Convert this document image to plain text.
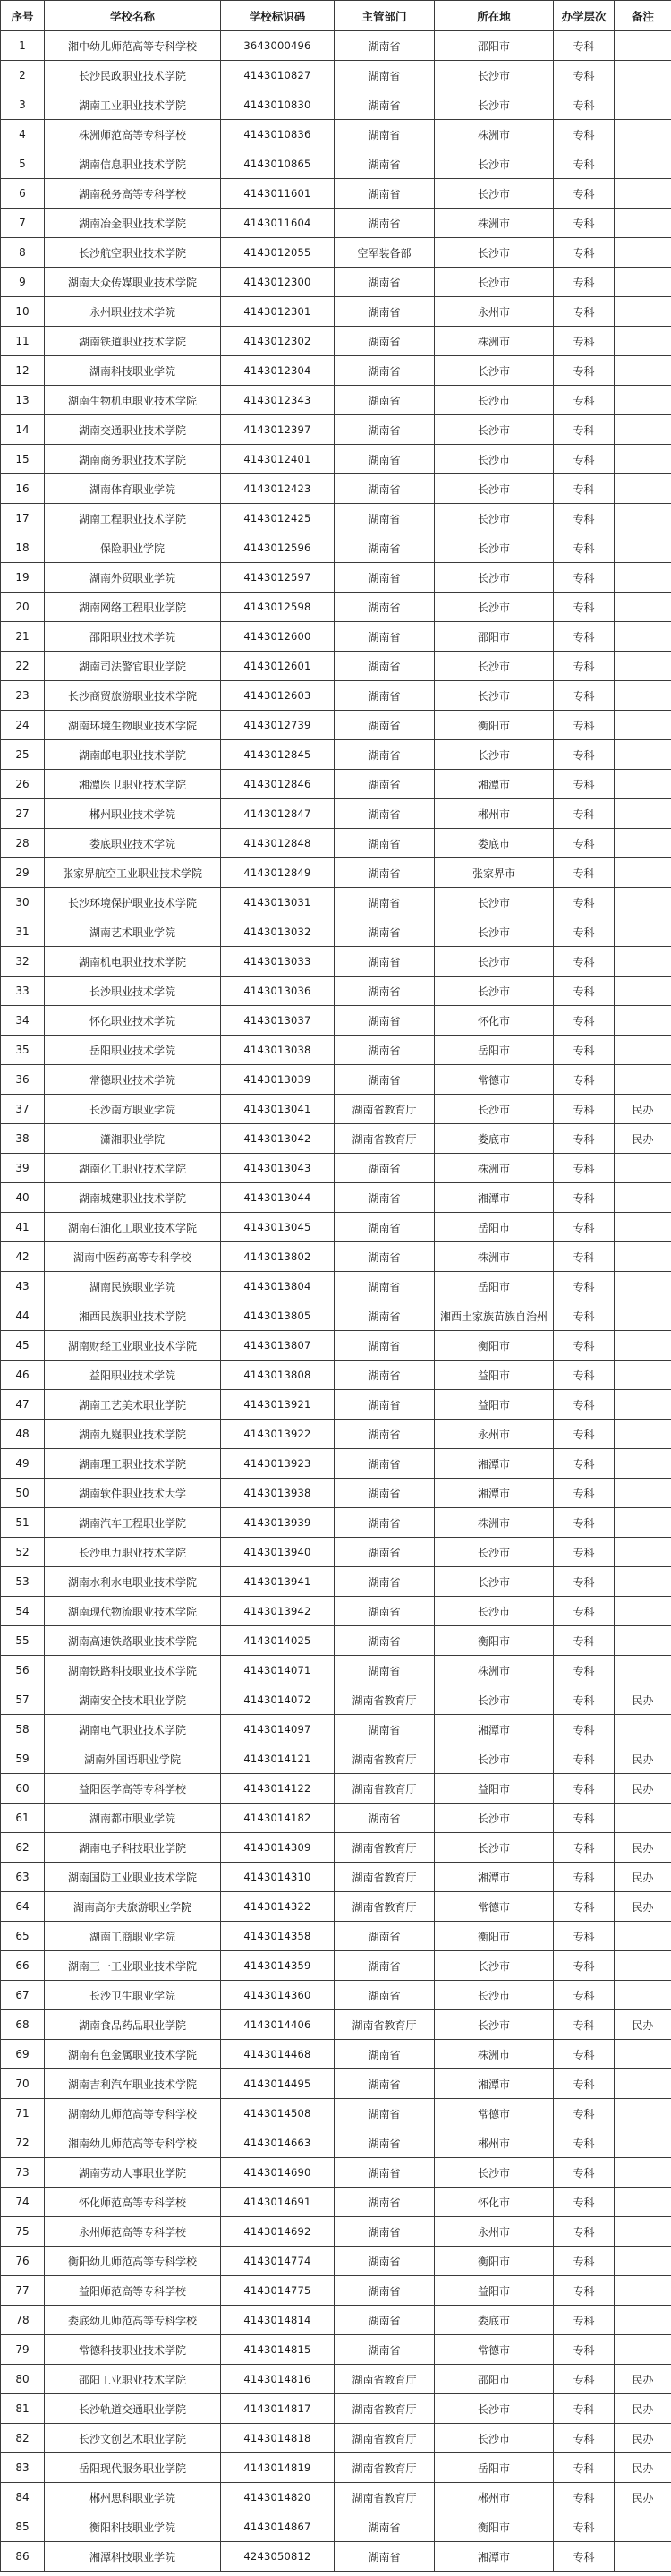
序号	学校名称	学校标识码	主管部门	所在地	办学层次	备注
1	湘中幼儿师范高等专科学校	3643000496	湖南省	邵阳市	专科	
2	长沙民政职业技术学院	4143010827	湖南省	长沙市	专科	
3	湖南工业职业技术学院	4143010830	湖南省	长沙市	专科	
4	株洲师范高等专科学校	4143010836	湖南省	株洲市	专科	
5	湖南信息职业技术学院	4143010865	湖南省	长沙市	专科	
6	湖南税务高等专科学校	4143011601	湖南省	长沙市	专科	
7	湖南冶金职业技术学院	4143011604	湖南省	株洲市	专科	
8	长沙航空职业技术学院	4143012055	空军装备部	长沙市	专科	
9	湖南大众传媒职业技术学院	4143012300	湖南省	长沙市	专科	
10	永州职业技术学院	4143012301	湖南省	永州市	专科	
11	湖南铁道职业技术学院	4143012302	湖南省	株洲市	专科	
12	湖南科技职业学院	4143012304	湖南省	长沙市	专科	
13	湖南生物机电职业技术学院	4143012343	湖南省	长沙市	专科	
14	湖南交通职业技术学院	4143012397	湖南省	长沙市	专科	
15	湖南商务职业技术学院	4143012401	湖南省	长沙市	专科	
16	湖南体育职业学院	4143012423	湖南省	长沙市	专科	
17	湖南工程职业技术学院	4143012425	湖南省	长沙市	专科	
18	保险职业学院	4143012596	湖南省	长沙市	专科	
19	湖南外贸职业学院	4143012597	湖南省	长沙市	专科	
20	湖南网络工程职业学院	4143012598	湖南省	长沙市	专科	
21	邵阳职业技术学院	4143012600	湖南省	邵阳市	专科	
22	湖南司法警官职业学院	4143012601	湖南省	长沙市	专科	
23	长沙商贸旅游职业技术学院	4143012603	湖南省	长沙市	专科	
24	湖南环境生物职业技术学院	4143012739	湖南省	衡阳市	专科	
25	湖南邮电职业技术学院	4143012845	湖南省	长沙市	专科	
26	湘潭医卫职业技术学院	4143012846	湖南省	湘潭市	专科	
27	郴州职业技术学院	4143012847	湖南省	郴州市	专科	
28	娄底职业技术学院	4143012848	湖南省	娄底市	专科	
29	张家界航空工业职业技术学院	4143012849	湖南省	张家界市	专科	
30	长沙环境保护职业技术学院	4143013031	湖南省	长沙市	专科	
31	湖南艺术职业学院	4143013032	湖南省	长沙市	专科	
32	湖南机电职业技术学院	4143013033	湖南省	长沙市	专科	
33	长沙职业技术学院	4143013036	湖南省	长沙市	专科	
34	怀化职业技术学院	4143013037	湖南省	怀化市	专科	
35	岳阳职业技术学院	4143013038	湖南省	岳阳市	专科	
36	常德职业技术学院	4143013039	湖南省	常德市	专科	
37	长沙南方职业学院	4143013041	湖南省教育厅	长沙市	专科	民办
38	潇湘职业学院	4143013042	湖南省教育厅	娄底市	专科	民办
39	湖南化工职业技术学院	4143013043	湖南省	株洲市	专科	
40	湖南城建职业技术学院	4143013044	湖南省	湘潭市	专科	
41	湖南石油化工职业技术学院	4143013045	湖南省	岳阳市	专科	
42	湖南中医药高等专科学校	4143013802	湖南省	株洲市	专科	
43	湖南民族职业学院	4143013804	湖南省	岳阳市	专科	
44	湘西民族职业技术学院	4143013805	湖南省	湘西土家族苗族自治州	专科	
45	湖南财经工业职业技术学院	4143013807	湖南省	衡阳市	专科	
46	益阳职业技术学院	4143013808	湖南省	益阳市	专科	
47	湖南工艺美术职业学院	4143013921	湖南省	益阳市	专科	
48	湖南九嶷职业技术学院	4143013922	湖南省	永州市	专科	
49	湖南理工职业技术学院	4143013923	湖南省	湘潭市	专科	
50	湖南软件职业技术大学	4143013938	湖南省	湘潭市	专科	
51	湖南汽车工程职业学院	4143013939	湖南省	株洲市	专科	
52	长沙电力职业技术学院	4143013940	湖南省	长沙市	专科	
53	湖南水利水电职业技术学院	4143013941	湖南省	长沙市	专科	
54	湖南现代物流职业技术学院	4143013942	湖南省	长沙市	专科	
55	湖南高速铁路职业技术学院	4143014025	湖南省	衡阳市	专科	
56	湖南铁路科技职业技术学院	4143014071	湖南省	株洲市	专科	
57	湖南安全技术职业学院	4143014072	湖南省教育厅	长沙市	专科	民办
58	湖南电气职业技术学院	4143014097	湖南省	湘潭市	专科	
59	湖南外国语职业学院	4143014121	湖南省教育厅	长沙市	专科	民办
60	益阳医学高等专科学校	4143014122	湖南省教育厅	益阳市	专科	民办
61	湖南都市职业学院	4143014182	湖南省	长沙市	专科	
62	湖南电子科技职业学院	4143014309	湖南省教育厅	长沙市	专科	民办
63	湖南国防工业职业技术学院	4143014310	湖南省教育厅	湘潭市	专科	民办
64	湖南高尔夫旅游职业学院	4143014322	湖南省教育厅	常德市	专科	民办
65	湖南工商职业学院	4143014358	湖南省	衡阳市	专科	
66	湖南三一工业职业技术学院	4143014359	湖南省	长沙市	专科	
67	长沙卫生职业学院	4143014360	湖南省	长沙市	专科	
68	湖南食品药品职业学院	4143014406	湖南省教育厅	长沙市	专科	民办
69	湖南有色金属职业技术学院	4143014468	湖南省	株洲市	专科	
70	湖南吉利汽车职业技术学院	4143014495	湖南省	湘潭市	专科	
71	湖南幼儿师范高等专科学校	4143014508	湖南省	常德市	专科	
72	湘南幼儿师范高等专科学校	4143014663	湖南省	郴州市	专科	
73	湖南劳动人事职业学院	4143014690	湖南省	长沙市	专科	
74	怀化师范高等专科学校	4143014691	湖南省	怀化市	专科	
75	永州师范高等专科学校	4143014692	湖南省	永州市	专科	
76	衡阳幼儿师范高等专科学校	4143014774	湖南省	衡阳市	专科	
77	益阳师范高等专科学校	4143014775	湖南省	益阳市	专科	
78	娄底幼儿师范高等专科学校	4143014814	湖南省	娄底市	专科	
79	常德科技职业技术学院	4143014815	湖南省	常德市	专科	
80	邵阳工业职业技术学院	4143014816	湖南省教育厅	邵阳市	专科	民办
81	长沙轨道交通职业学院	4143014817	湖南省教育厅	长沙市	专科	民办
82	长沙文创艺术职业学院	4143014818	湖南省教育厅	长沙市	专科	民办
83	岳阳现代服务职业学院	4143014819	湖南省教育厅	岳阳市	专科	民办
84	郴州思科职业学院	4143014820	湖南省教育厅	郴州市	专科	民办
85	衡阳科技职业学院	4143014867	湖南省	衡阳市	专科	
86	湘潭科技职业学院	4243050812	湖南省	湘潭市	专科	
